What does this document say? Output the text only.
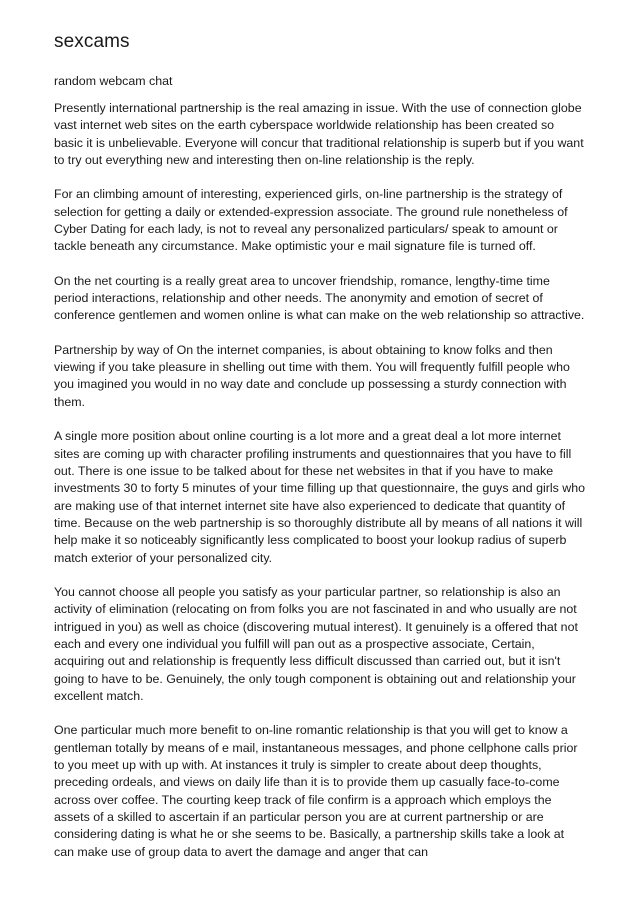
sexcams
random webcam chat

Presently international partnership is the real amazing in issue. With the use of connection globe vast internet web sites on the earth cyberspace worldwide relationship has been created so basic it is unbelievable. Everyone will concur that traditional relationship is superb but if you want to try out everything new and interesting then on-line relationship is the reply.

For an climbing amount of interesting, experienced girls, on-line partnership is the strategy of selection for getting a daily or extended-expression associate. The ground rule nonetheless of Cyber Dating for each lady, is not to reveal any personalized particulars/ speak to amount or tackle beneath any circumstance. Make optimistic your e mail signature file is turned off.

On the net courting is a really great area to uncover friendship, romance, lengthy-time time period interactions, relationship and other needs. The anonymity and emotion of secret of conference gentlemen and women online is what can make on the web relationship so attractive.

Partnership by way of On the internet companies, is about obtaining to know folks and then viewing if you take pleasure in shelling out time with them. You will frequently fulfill people who you imagined you would in no way date and conclude up possessing a sturdy connection with them.

A single more position about online courting is a lot more and a great deal a lot more internet sites are coming up with character profiling instruments and questionnaires that you have to fill out. There is one issue to be talked about for these net websites in that if you have to make investments 30 to forty 5 minutes of your time filling up that questionnaire, the guys and girls who are making use of that internet internet site have also experienced to dedicate that quantity of time. Because on the web partnership is so thoroughly distribute all by means of all nations it will help make it so noticeably significantly less complicated to boost your lookup radius of superb match exterior of your personalized city.

You cannot choose all people you satisfy as your particular partner, so relationship is also an activity of elimination (relocating on from folks you are not fascinated in and who usually are not intrigued in you) as well as choice (discovering mutual interest). It genuinely is a offered that not each and every one individual you fulfill will pan out as a prospective associate, Certain, acquiring out and relationship is frequently less difficult discussed than carried out, but it isn't going to have to be. Genuinely, the only tough component is obtaining out and relationship your excellent match.

One particular much more benefit to on-line romantic relationship is that you will get to know a gentleman totally by means of e mail, instantaneous messages, and phone cellphone calls prior to you meet up with up with. At instances it truly is simpler to create about deep thoughts, preceding ordeals, and views on daily life than it is to provide them up casually face-to-come across over coffee. The courting keep track of file confirm is a approach which employs the assets of a skilled to ascertain if an particular person you are at current partnership or are considering dating is what he or she seems to be. Basically, a partnership skills take a look at can make use of group data to avert the damage and anger that can
